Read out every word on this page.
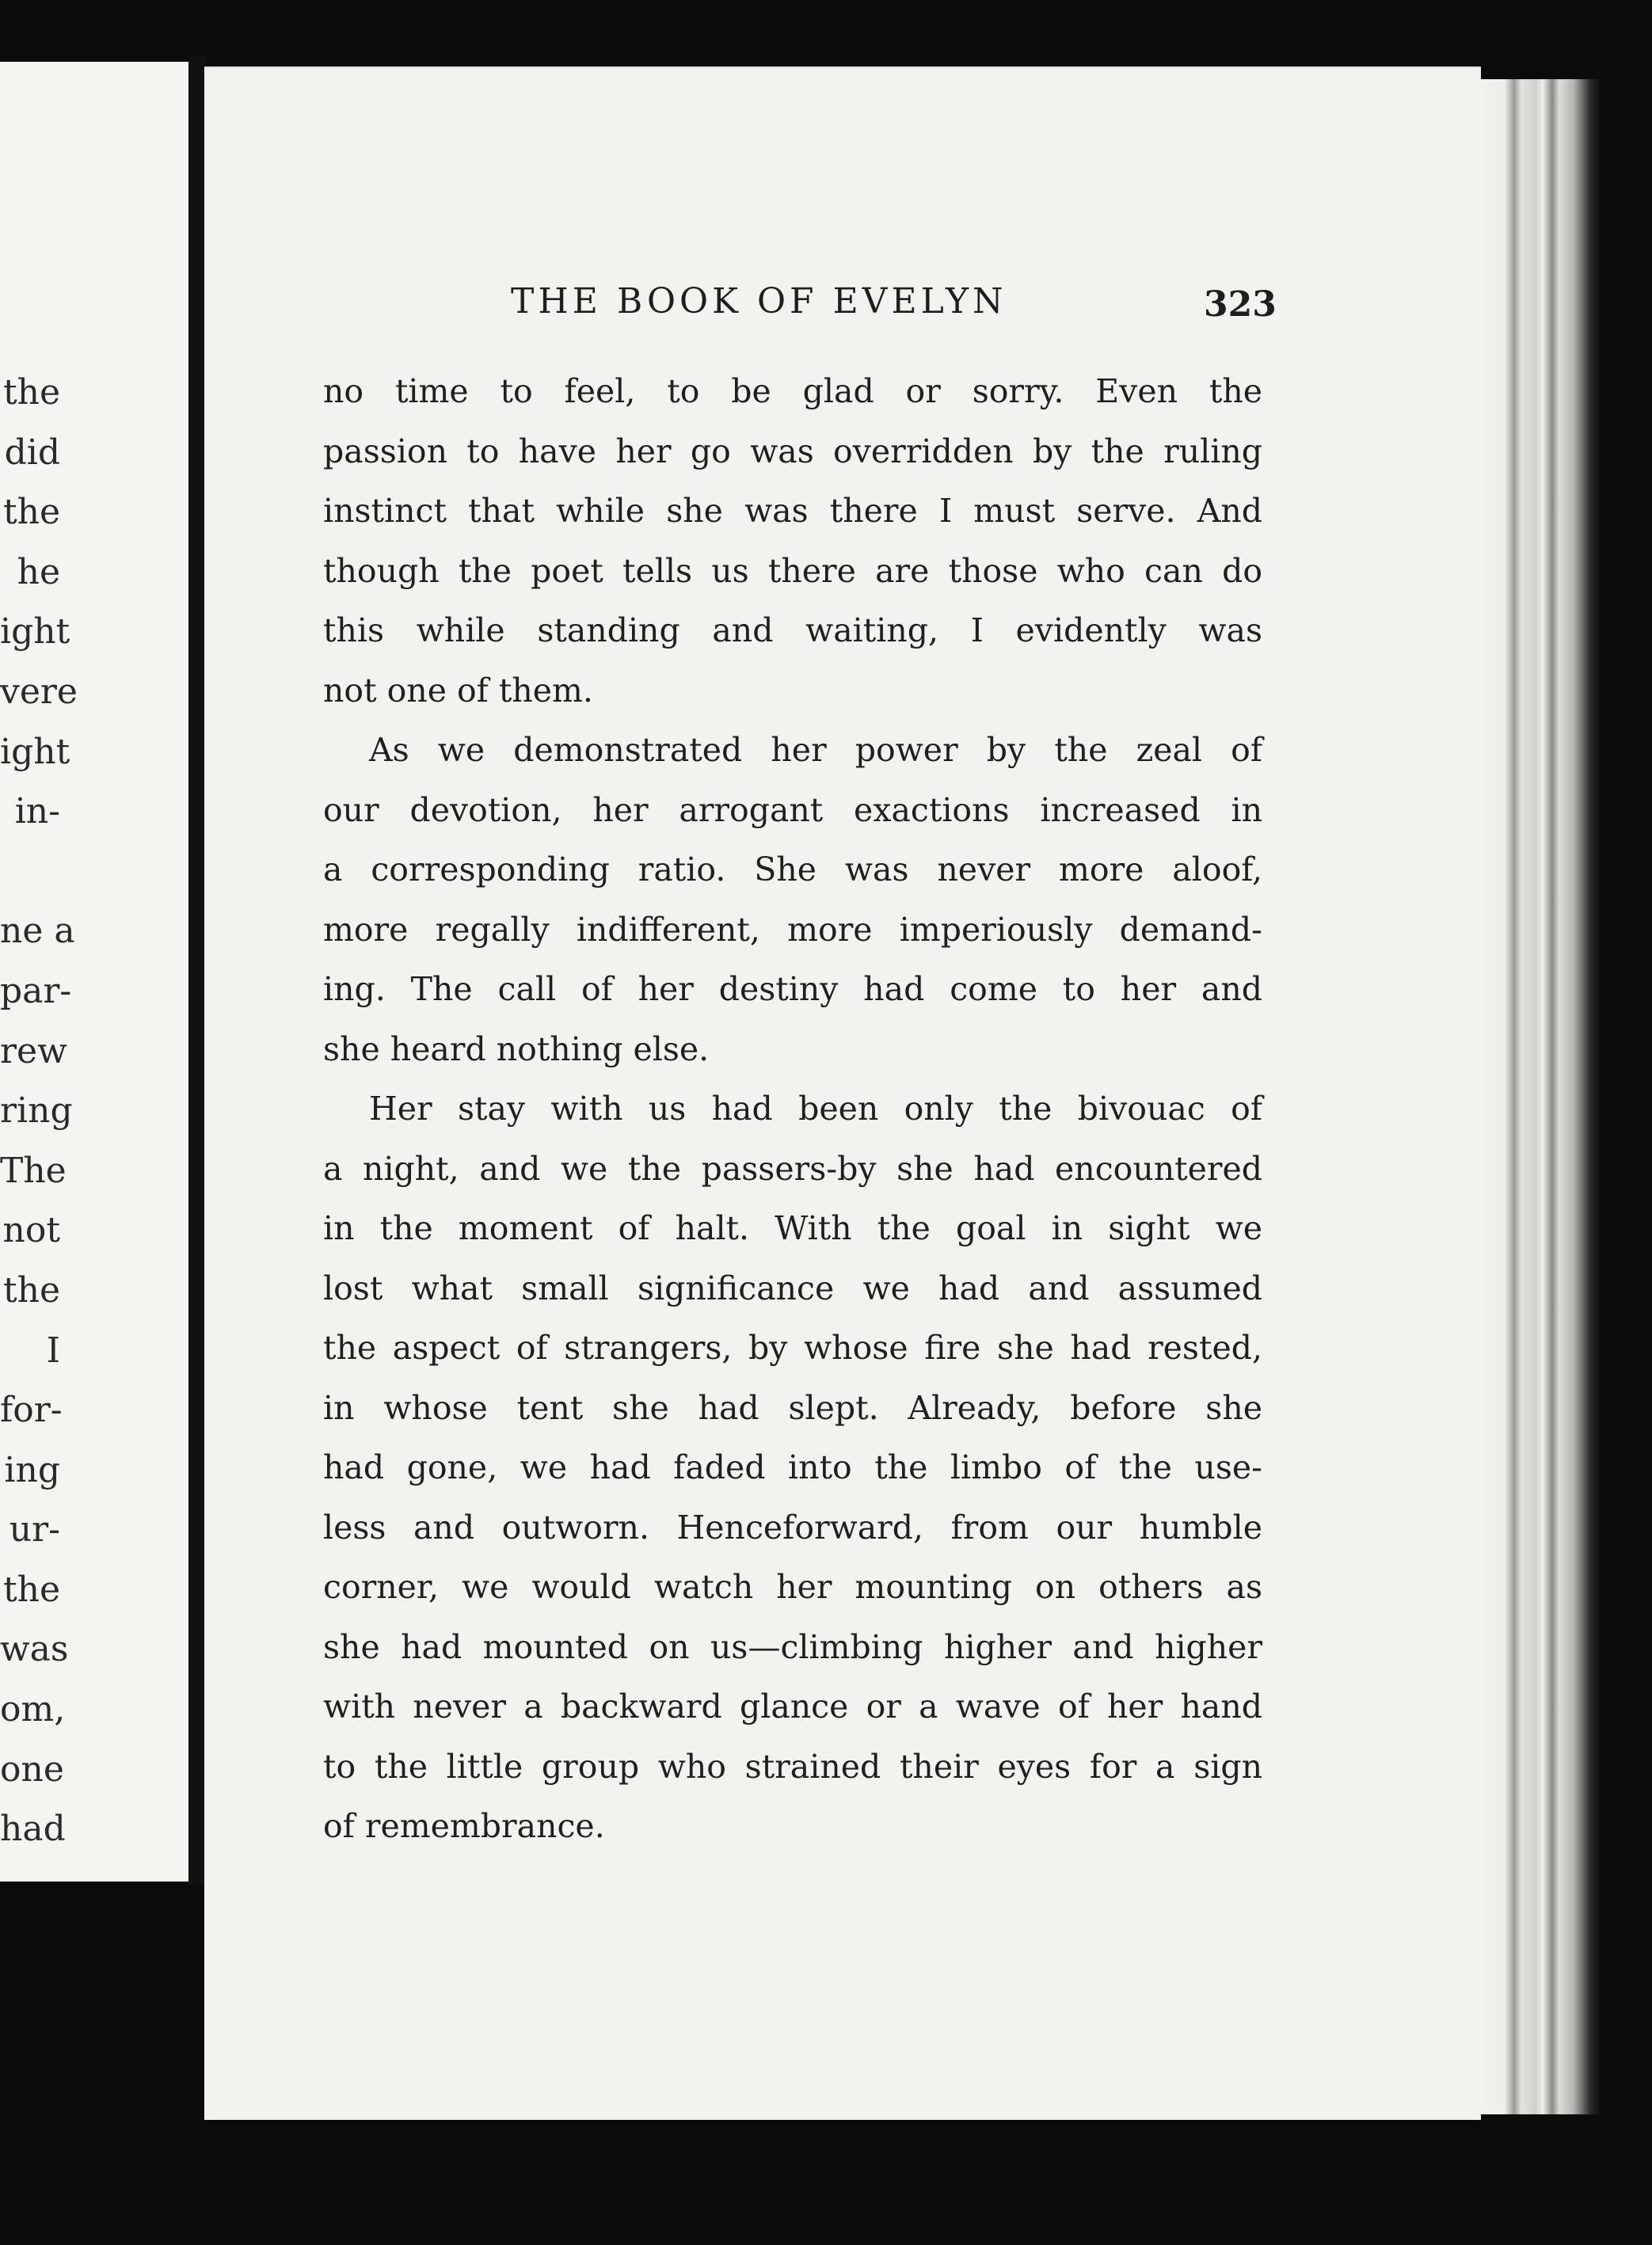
the
did
the
he
ight
vere
ight
in-
ne a
par-
rew
ring
The
not
the
I
for-
ing
ur-
the
was
om,
one
had
THE BOOK OF EVELYN	323
no time to feel, to be glad or sorry. Even the
passion to have her go was overridden by the ruling
instinct that while she was there I must serve. And
though the poet tells us there are those who can do
this while standing and waiting, I evidently was
not one of them.
As we demonstrated her power by the zeal of
our devotion, her arrogant exactions increased in
a corresponding ratio. She was never more aloof,
more regally indifferent, more imperiously demand-
ing. The call of her destiny had come to her and
she heard nothing else.
Her stay with us had been only the bivouac of
a night, and we the passers-by she had encountered
in the moment of halt. With the goal in sight we
lost what small significance we had and assumed
the aspect of strangers, by whose fire she had rested,
in whose tent she had slept. Already, before she
had gone, we had faded into the limbo of the use-
less and outworn. Henceforward, from our humble
corner, we would watch her mounting on others as
she had mounted on us—climbing higher and higher
with never a backward glance or a wave of her hand
to the little group who strained their eyes for a sign
of remembrance.
